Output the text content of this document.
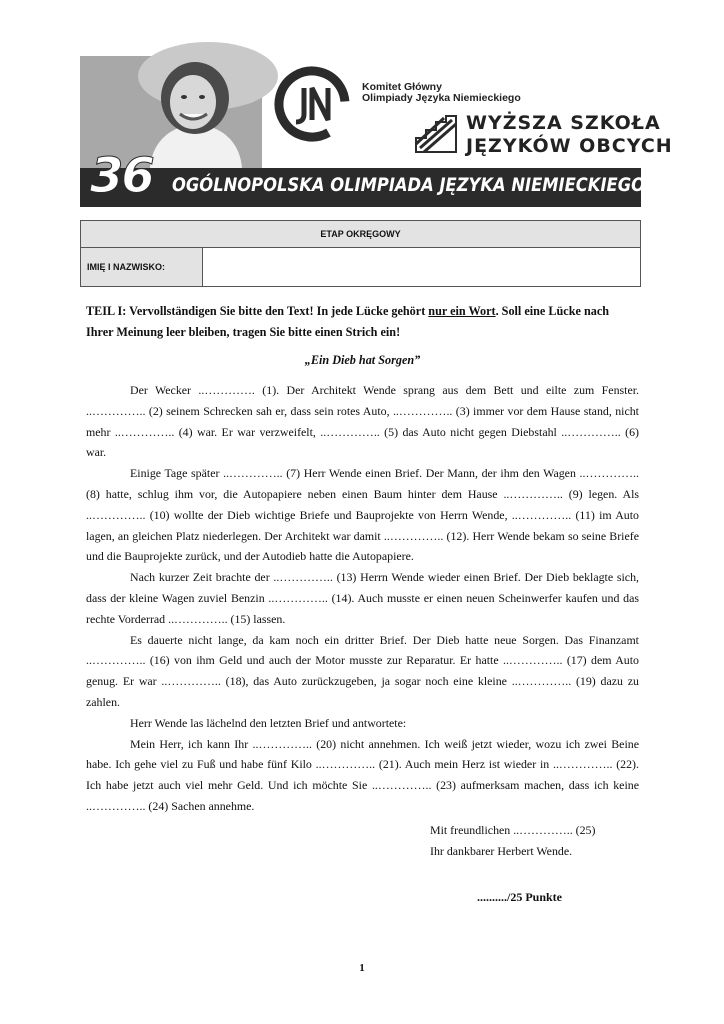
Komitet Główny
Olimpiady Języka Niemieckiego
WYŻSZA SZKOŁA
JĘZYKÓW OBCYCH
36 OGÓLNOPOLSKA OLIMPIADA JĘZYKA NIEMIECKIEGO
ETAP OKRĘGOWY
IMIĘ I NAZWISKO:
TEIL I: Vervollständigen Sie bitte den Text! In jede Lücke gehört nur ein Wort. Soll eine Lücke nach Ihrer Meinung leer bleiben, tragen Sie bitte einen Strich ein!
„Ein Dieb hat Sorgen”

Der Wecker ..…………. (1). Der Architekt Wende sprang aus dem Bett und eilte zum Fenster. ..………….. (2) seinem Schrecken sah er, dass sein rotes Auto, ..………….. (3) immer vor dem Hause stand, nicht mehr ..………….. (4) war. Er war verzweifelt, ..………….. (5) das Auto nicht gegen Diebstahl ..………….. (6) war.

Einige Tage später ..………….. (7) Herr Wende einen Brief. Der Mann, der ihm den Wagen ..………….. (8) hatte, schlug ihm vor, die Autopapiere neben einen Baum hinter dem Hause ..………….. (9) legen. Als ..………….. (10) wollte der Dieb wichtige Briefe und Bauprojekte von Herrn Wende, ..………….. (11) im Auto lagen, an gleichen Platz niederlegen. Der Architekt war damit ..………….. (12). Herr Wende bekam so seine Briefe und die Bauprojekte zurück, und der Autodieb hatte die Autopapiere.

Nach kurzer Zeit brachte der ..………….. (13) Herrn Wende wieder einen Brief. Der Dieb beklagte sich, dass der kleine Wagen zuviel Benzin ..………….. (14). Auch musste er einen neuen Scheinwerfer kaufen und das rechte Vorderrad ..………….. (15) lassen.

Es dauerte nicht lange, da kam noch ein dritter Brief. Der Dieb hatte neue Sorgen. Das Finanzamt ..………….. (16) von ihm Geld und auch der Motor musste zur Reparatur. Er hatte ..………….. (17) dem Auto genug. Er war ..………….. (18), das Auto zurückzugeben, ja sogar noch eine kleine ..………….. (19) dazu zu zahlen.

Herr Wende las lächelnd den letzten Brief und antwortete:

Mein Herr, ich kann Ihr ..………….. (20) nicht annehmen. Ich weiß jetzt wieder, wozu ich zwei Beine habe. Ich gehe viel zu Fuß und habe fünf Kilo ..………….. (21). Auch mein Herz ist wieder in ..………….. (22). Ich habe jetzt auch viel mehr Geld. Und ich möchte Sie ..………….. (23) aufmerksam machen, dass ich keine ..………….. (24) Sachen annehme.

Mit freundlichen ..………….. (25)
Ihr dankbarer Herbert Wende.
........../25 Punkte
1
